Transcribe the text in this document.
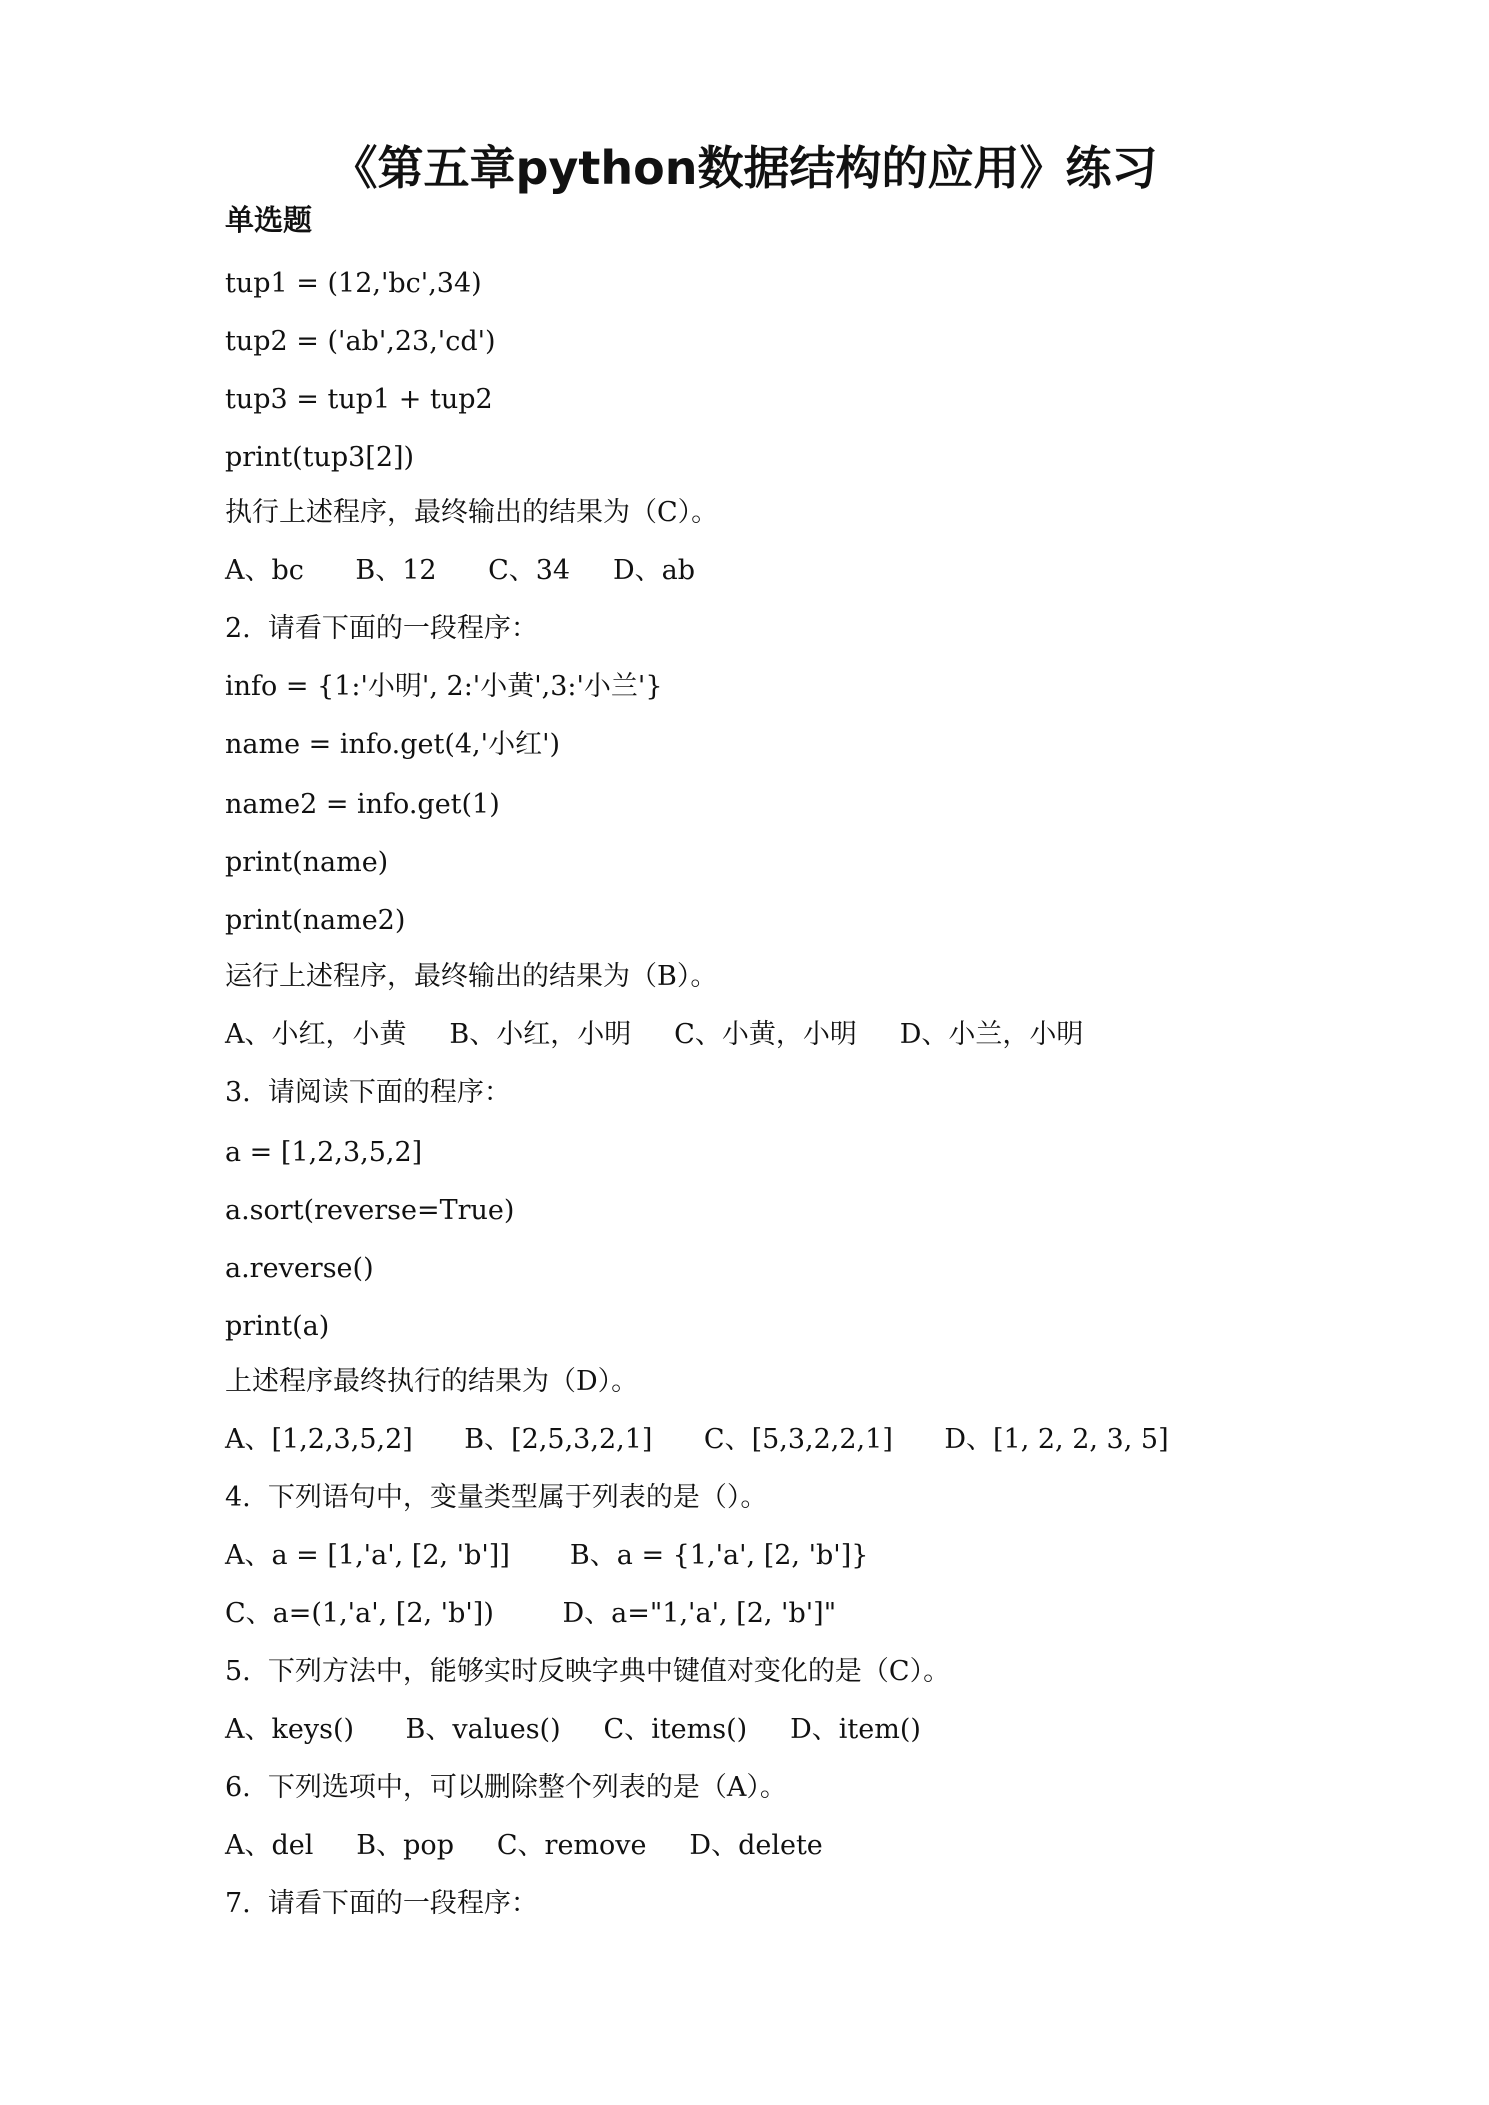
《第五章python数据结构的应用》练习
单选题
tup1 = (12,'bc',34)
tup2 = ('ab',23,'cd')
tup3 = tup1 + tup2
print(tup3[2])
执行上述程序，最终输出的结果为（C）。
A、bc      B、12      C、34     D、ab
2.  请看下面的一段程序：
info = {1:'小明', 2:'小黄',3:'小兰'}
name = info.get(4,'小红')
name2 = info.get(1)
print(name)
print(name2)
运行上述程序，最终输出的结果为（B）。
A、小红，小黄     B、小红，小明     C、小黄，小明     D、小兰，小明
3.  请阅读下面的程序：
a = [1,2,3,5,2]
a.sort(reverse=True)
a.reverse()
print(a)
上述程序最终执行的结果为（D）。
A、[1,2,3,5,2]      B、[2,5,3,2,1]      C、[5,3,2,2,1]      D、[1, 2, 2, 3, 5]
4.  下列语句中，变量类型属于列表的是（）。
A、a = [1,'a', [2, 'b']]       B、a = {1,'a', [2, 'b']}
C、a=(1,'a', [2, 'b'])        D、a="1,'a', [2, 'b']"
5.  下列方法中，能够实时反映字典中键值对变化的是（C）。
A、keys()      B、values()     C、items()     D、item()
6.  下列选项中，可以删除整个列表的是（A）。
A、del     B、pop     C、remove     D、delete
7.  请看下面的一段程序：
